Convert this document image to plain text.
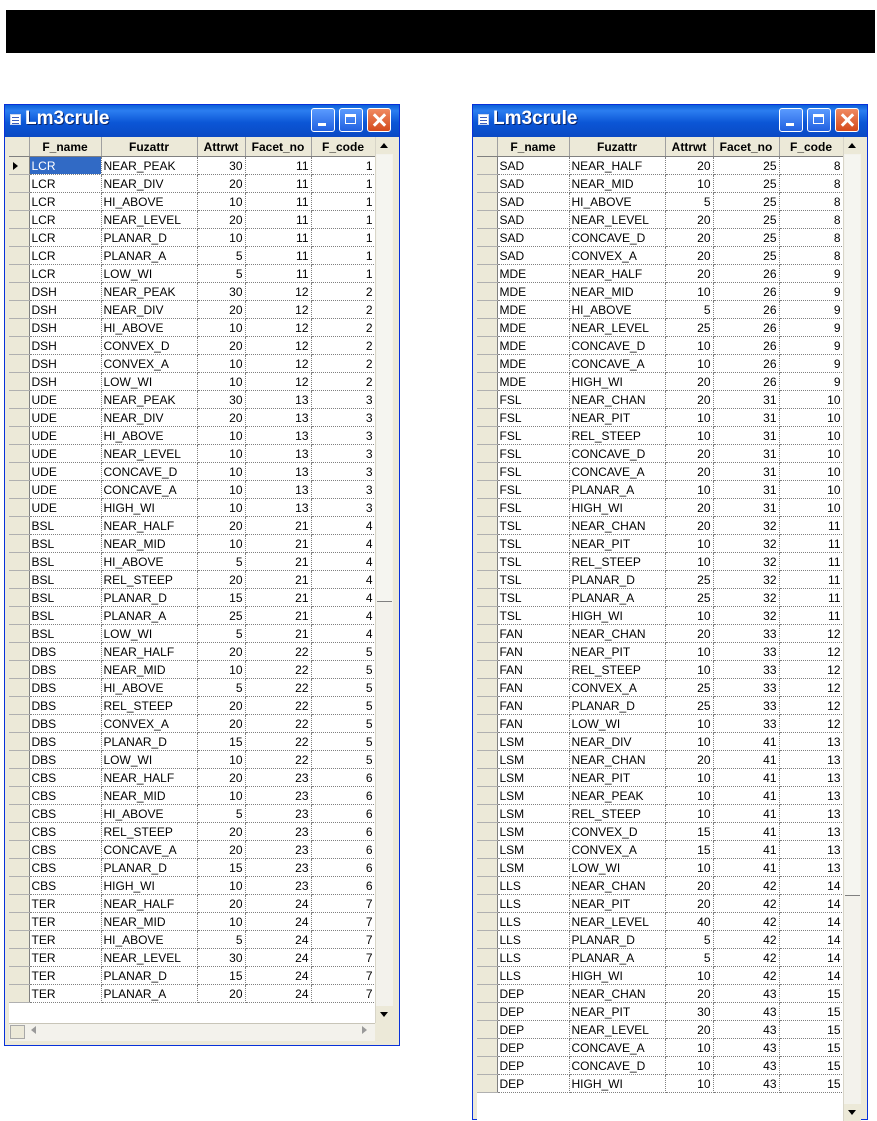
Lm3crule
	F_name	Fuzattr	Attrwt	Facet_no	F_code
	LCR	NEAR_PEAK	30	11	1
	LCR	NEAR_DIV	20	11	1
	LCR	HI_ABOVE	10	11	1
	LCR	NEAR_LEVEL	20	11	1
	LCR	PLANAR_D	10	11	1
	LCR	PLANAR_A	5	11	1
	LCR	LOW_WI	5	11	1
	DSH	NEAR_PEAK	30	12	2
	DSH	NEAR_DIV	20	12	2
	DSH	HI_ABOVE	10	12	2
	DSH	CONVEX_D	20	12	2
	DSH	CONVEX_A	10	12	2
	DSH	LOW_WI	10	12	2
	UDE	NEAR_PEAK	30	13	3
	UDE	NEAR_DIV	20	13	3
	UDE	HI_ABOVE	10	13	3
	UDE	NEAR_LEVEL	10	13	3
	UDE	CONCAVE_D	10	13	3
	UDE	CONCAVE_A	10	13	3
	UDE	HIGH_WI	10	13	3
	BSL	NEAR_HALF	20	21	4
	BSL	NEAR_MID	10	21	4
	BSL	HI_ABOVE	5	21	4
	BSL	REL_STEEP	20	21	4
	BSL	PLANAR_D	15	21	4
	BSL	PLANAR_A	25	21	4
	BSL	LOW_WI	5	21	4
	DBS	NEAR_HALF	20	22	5
	DBS	NEAR_MID	10	22	5
	DBS	HI_ABOVE	5	22	5
	DBS	REL_STEEP	20	22	5
	DBS	CONVEX_A	20	22	5
	DBS	PLANAR_D	15	22	5
	DBS	LOW_WI	10	22	5
	CBS	NEAR_HALF	20	23	6
	CBS	NEAR_MID	10	23	6
	CBS	HI_ABOVE	5	23	6
	CBS	REL_STEEP	20	23	6
	CBS	CONCAVE_A	20	23	6
	CBS	PLANAR_D	15	23	6
	CBS	HIGH_WI	10	23	6
	TER	NEAR_HALF	20	24	7
	TER	NEAR_MID	10	24	7
	TER	HI_ABOVE	5	24	7
	TER	NEAR_LEVEL	30	24	7
	TER	PLANAR_D	15	24	7
	TER	PLANAR_A	20	24	7
Lm3crule
	F_name	Fuzattr	Attrwt	Facet_no	F_code
	SAD	NEAR_HALF	20	25	8
	SAD	NEAR_MID	10	25	8
	SAD	HI_ABOVE	5	25	8
	SAD	NEAR_LEVEL	20	25	8
	SAD	CONCAVE_D	20	25	8
	SAD	CONVEX_A	20	25	8
	MDE	NEAR_HALF	20	26	9
	MDE	NEAR_MID	10	26	9
	MDE	HI_ABOVE	5	26	9
	MDE	NEAR_LEVEL	25	26	9
	MDE	CONCAVE_D	10	26	9
	MDE	CONCAVE_A	10	26	9
	MDE	HIGH_WI	20	26	9
	FSL	NEAR_CHAN	20	31	10
	FSL	NEAR_PIT	10	31	10
	FSL	REL_STEEP	10	31	10
	FSL	CONCAVE_D	20	31	10
	FSL	CONCAVE_A	20	31	10
	FSL	PLANAR_A	10	31	10
	FSL	HIGH_WI	20	31	10
	TSL	NEAR_CHAN	20	32	11
	TSL	NEAR_PIT	10	32	11
	TSL	REL_STEEP	10	32	11
	TSL	PLANAR_D	25	32	11
	TSL	PLANAR_A	25	32	11
	TSL	HIGH_WI	10	32	11
	FAN	NEAR_CHAN	20	33	12
	FAN	NEAR_PIT	10	33	12
	FAN	REL_STEEP	10	33	12
	FAN	CONVEX_A	25	33	12
	FAN	PLANAR_D	25	33	12
	FAN	LOW_WI	10	33	12
	LSM	NEAR_DIV	10	41	13
	LSM	NEAR_CHAN	20	41	13
	LSM	NEAR_PIT	10	41	13
	LSM	NEAR_PEAK	10	41	13
	LSM	REL_STEEP	10	41	13
	LSM	CONVEX_D	15	41	13
	LSM	CONVEX_A	15	41	13
	LSM	LOW_WI	10	41	13
	LLS	NEAR_CHAN	20	42	14
	LLS	NEAR_PIT	20	42	14
	LLS	NEAR_LEVEL	40	42	14
	LLS	PLANAR_D	5	42	14
	LLS	PLANAR_A	5	42	14
	LLS	HIGH_WI	10	42	14
	DEP	NEAR_CHAN	20	43	15
	DEP	NEAR_PIT	30	43	15
	DEP	NEAR_LEVEL	20	43	15
	DEP	CONCAVE_A	10	43	15
	DEP	CONCAVE_D	10	43	15
	DEP	HIGH_WI	10	43	15
